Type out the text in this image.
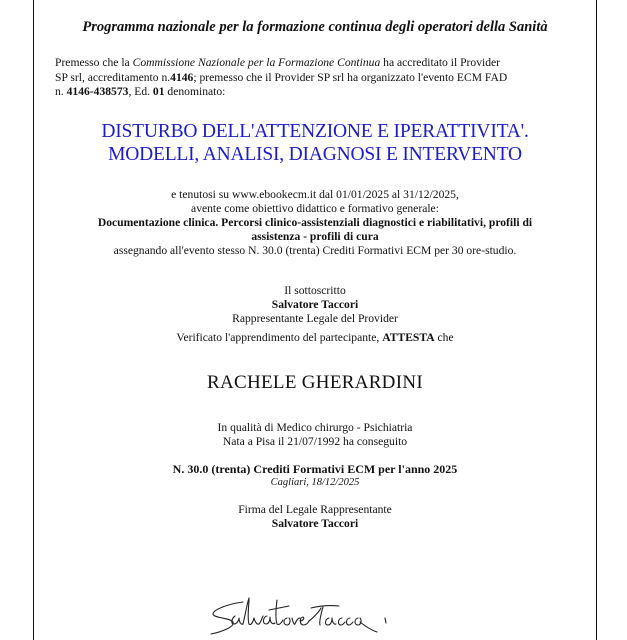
Programma nazionale per la formazione continua degli operatori della Sanità
Premesso che la Commissione Nazionale per la Formazione Continua ha accreditato il Provider
SP srl, accreditamento n.4146; premesso che il Provider SP srl ha organizzato l'evento ECM FAD
n. 4146-438573, Ed. 01 denominato:
DISTURBO DELL'ATTENZIONE E IPERATTIVITA'.
MODELLI, ANALISI, DIAGNOSI E INTERVENTO
e tenutosi su www.ebookecm.it dal 01/01/2025 al 31/12/2025,
avente come obiettivo didattico e formativo generale:
Documentazione clinica. Percorsi clinico-assistenziali diagnostici e riabilitativi, profili di
assistenza - profili di cura
assegnando all'evento stesso N. 30.0 (trenta) Crediti Formativi ECM per 30 ore-studio.
Il sottoscritto
Salvatore Taccori
Rappresentante Legale del Provider
Verificato l'apprendimento del partecipante, ATTESTA che
RACHELE GHERARDINI
In qualità di Medico chirurgo - Psichiatria
Nata a Pisa il 21/07/1992 ha conseguito
N. 30.0 (trenta) Crediti Formativi ECM per l'anno 2025
Cagliari, 18/12/2025
Firma del Legale Rappresentante
Salvatore Taccori
